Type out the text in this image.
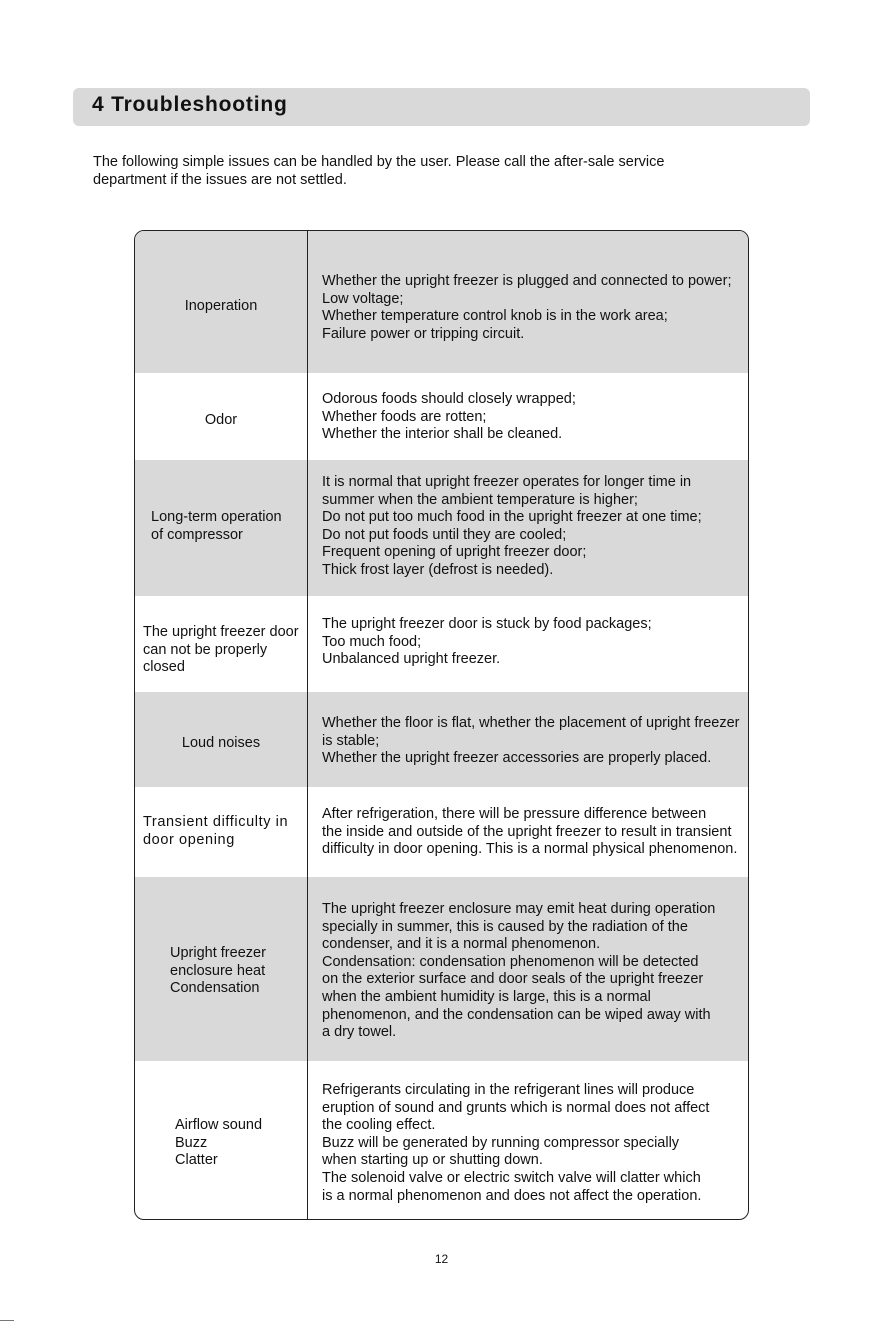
4 Troubleshooting

The following simple issues can be handled by the user. Please call the after-sale service

department if the issues are not settled.

Inoperation
Whether the upright freezer is plugged and connected to power;
Low voltage;
Whether temperature control knob is in the work area;
Failure power or tripping circuit.
Odor
Odorous foods should closely wrapped;
Whether foods are rotten;
Whether the interior shall be cleaned.
Long-term operation
of compressor
It is normal that upright freezer operates for longer time in
summer when the ambient temperature is higher;
Do not put too much food in the upright freezer at one time;
Do not put foods until they are cooled;
Frequent opening of upright freezer door;
Thick frost layer (defrost is needed).
The upright freezer door
can not be properly
closed
The upright freezer door is stuck by food packages;
Too much food;
Unbalanced upright freezer.
Loud noises
Whether the floor is flat, whether the placement of upright freezer
is stable;
Whether the upright freezer accessories are properly placed.
Transient difficulty in
door opening
After refrigeration, there will be pressure difference between
the inside and outside of the upright freezer to result in transient
difficulty in door opening. This is a normal physical phenomenon.
Upright freezer
enclosure heat
Condensation
The upright freezer enclosure may emit heat during operation
specially in summer, this is caused by the radiation of the
condenser, and it is a normal phenomenon.
Condensation: condensation phenomenon will be detected
on the exterior surface and door seals of the upright freezer
when the ambient humidity is large, this is a normal
phenomenon, and the condensation can be wiped away with
a dry towel.
Airflow sound
Buzz
Clatter
Refrigerants circulating in the refrigerant lines will produce
eruption of sound and grunts which is normal does not affect
the cooling effect.
Buzz will be generated by running compressor specially
when starting up or shutting down.
The solenoid valve or electric switch valve will clatter which
is a normal phenomenon and does not affect the operation.
12
